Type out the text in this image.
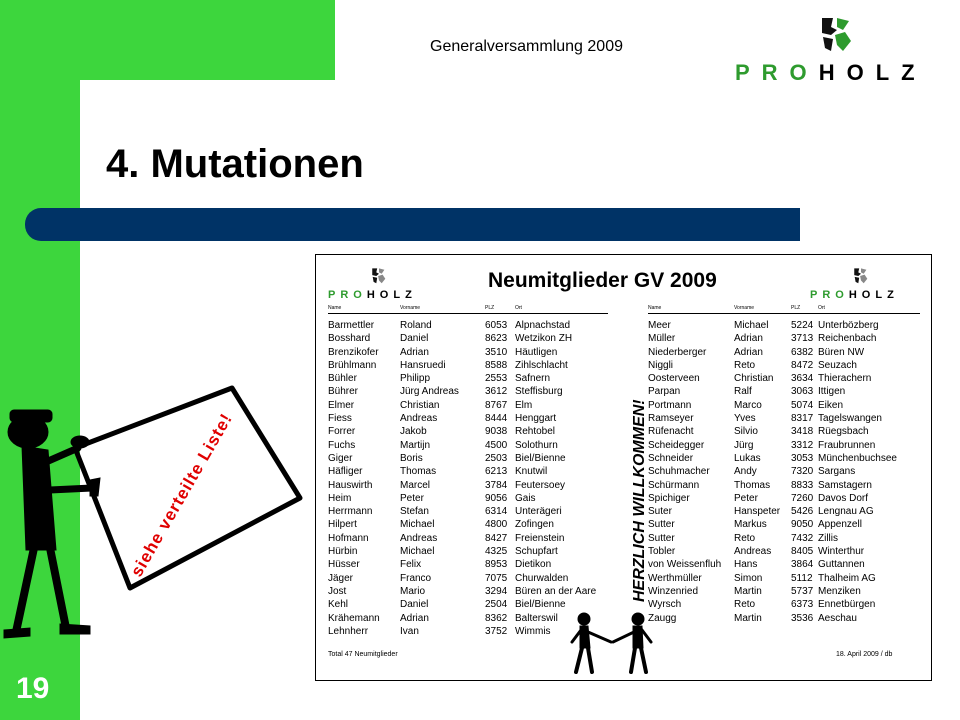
Generalversammlung 2009
PROHOLZ
4. Mutationen
PROHOLZ
Neumitglieder GV 2009
PROHOLZ
Name	Vorname	PLZ	Ort
Barmettler	Roland	6053	Alpnachstad
Bosshard	Daniel	8623	Wetzikon ZH
Brenzikofer	Adrian	3510	Häutligen
Brühlmann	Hansruedi	8588	Zihlschlacht
Bühler	Philipp	2553	Safnern
Bührer	Jürg Andreas	3612	Steffisburg
Elmer	Christian	8767	Elm
Fiess	Andreas	8444	Henggart
Forrer	Jakob	9038	Rehtobel
Fuchs	Martijn	4500	Solothurn
Giger	Boris	2503	Biel/Bienne
Häfliger	Thomas	6213	Knutwil
Hauswirth	Marcel	3784	Feutersoey
Heim	Peter	9056	Gais
Herrmann	Stefan	6314	Unterägeri
Hilpert	Michael	4800	Zofingen
Hofmann	Andreas	8427	Freienstein
Hürbin	Michael	4325	Schupfart
Hüsser	Felix	8953	Dietikon
Jäger	Franco	7075	Churwalden
Jost	Mario	3294	Büren an der Aare
Kehl	Daniel	2504	Biel/Bienne
Krähemann	Adrian	8362	Balterswil
Lehnherr	Ivan	3752	Wimmis
HERZLICH WILLKOMMEN!
Name	Vorname	PLZ	Ort
Meer	Michael	5224	Unterbözberg
Müller	Adrian	3713	Reichenbach
Niederberger	Adrian	6382	Büren NW
Niggli	Reto	8472	Seuzach
Oosterveen	Christian	3634	Thierachern
Parpan	Ralf	3063	Ittigen
Portmann	Marco	5074	Eiken
Ramseyer	Yves	8317	Tagelswangen
Rüfenacht	Silvio	3418	Rüegsbach
Scheidegger	Jürg	3312	Fraubrunnen
Schneider	Lukas	3053	Münchenbuchsee
Schuhmacher	Andy	7320	Sargans
Schürmann	Thomas	8833	Samstagern
Spichiger	Peter	7260	Davos Dorf
Suter	Hanspeter	5426	Lengnau AG
Sutter	Markus	9050	Appenzell
Sutter	Reto	7432	Zillis
Tobler	Andreas	8405	Winterthur
von Weissenfluh	Hans	3864	Guttannen
Werthmüller	Simon	5112	Thalheim AG
Winzenried	Martin	5737	Menziken
Wyrsch	Reto	6373	Ennetbürgen
Zaugg	Martin	3536	Aeschau
Total 47 Neumitglieder	18. April 2009 / db
siehe verteilte Liste!
19
